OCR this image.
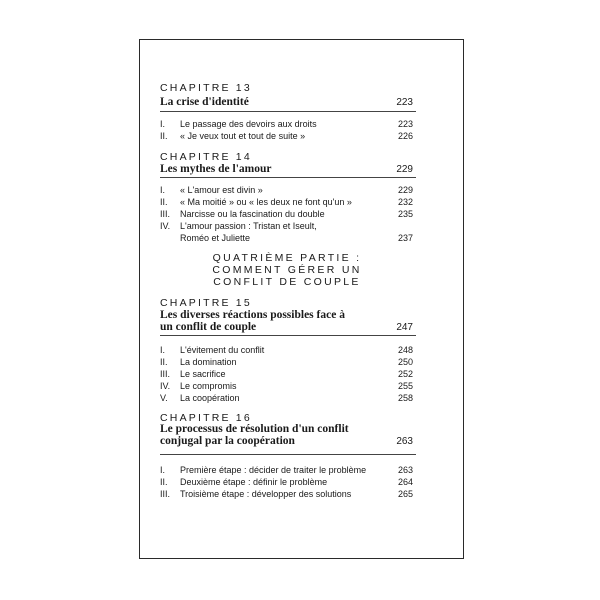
CHAPITRE 13
La crise d'identité	223
I. Le passage des devoirs aux droits	223
II. « Je veux tout et tout de suite »	226
CHAPITRE 14
Les mythes de l'amour	229
I. « L'amour est divin »	229
II. « Ma moitié » ou « les deux ne font qu'un »	232
III. Narcisse ou la fascination du double	235
IV. L'amour passion : Tristan et Iseult,
Roméo et Juliette	237
QUATRIÈME PARTIE :
COMMENT GÉRER UN
CONFLIT DE COUPLE
CHAPITRE 15
Les diverses réactions possibles face à
un conflit de couple	247
I. L'évitement du conflit	248
II. La domination	250
III. Le sacrifice	252
IV. Le compromis	255
V. La coopération	258
CHAPITRE 16
Le processus de résolution d'un conflit
conjugal par la coopération	263
I. Première étape : décider de traiter le problème	263
II. Deuxième étape : définir le problème	264
III. Troisième étape : développer des solutions	265
